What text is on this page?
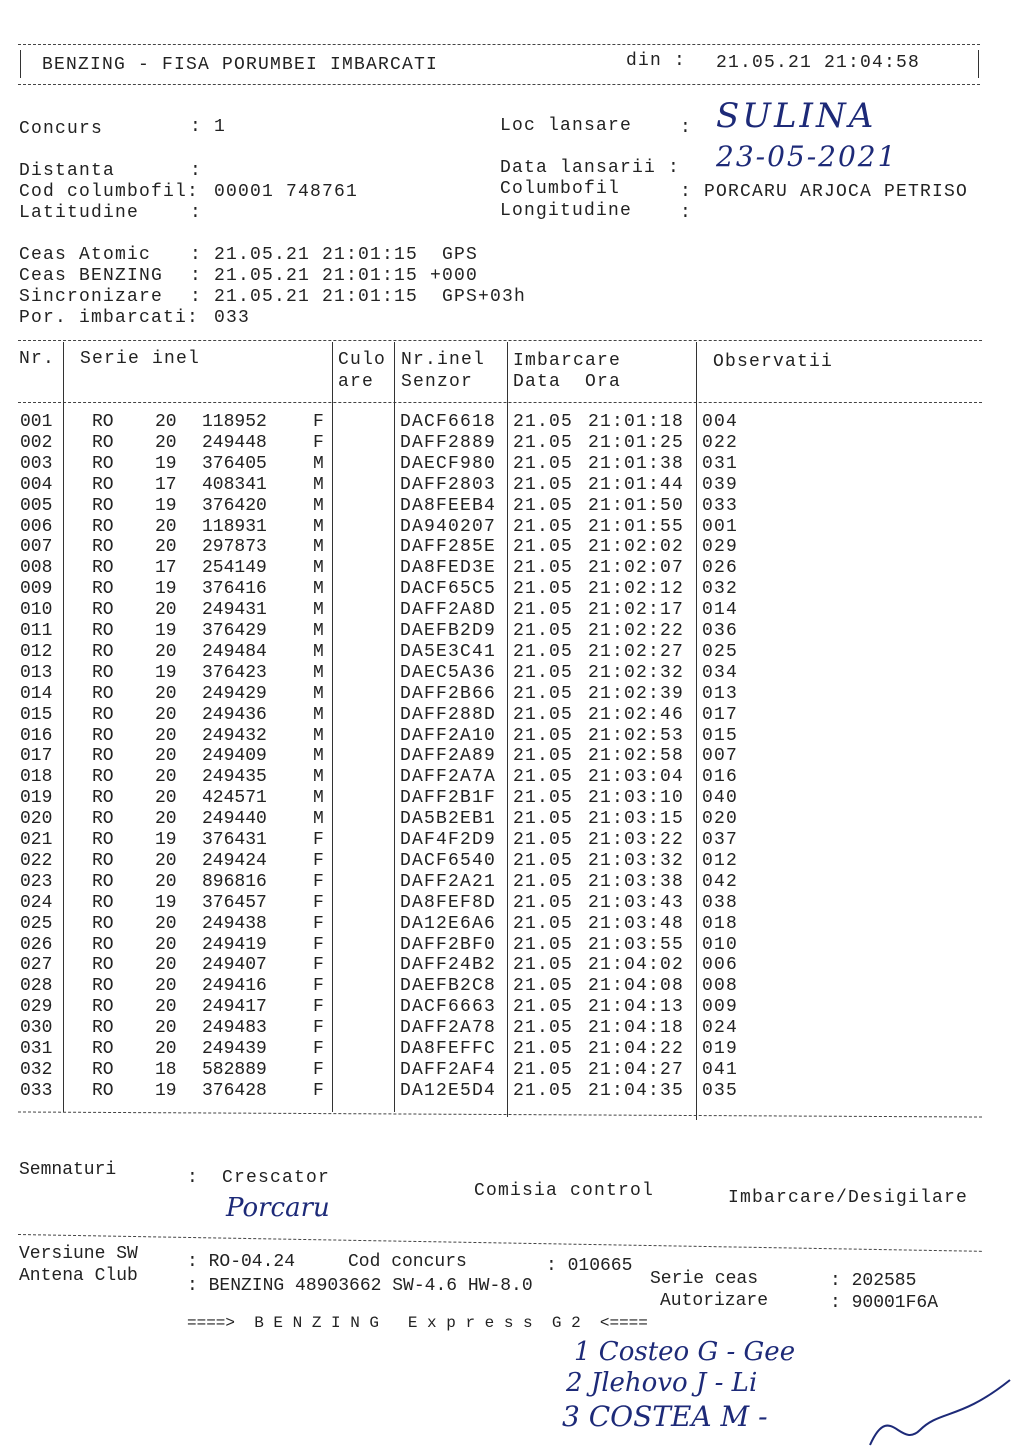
BENZING - FISA PORUMBEI IMBARCATI	din : 21.05.21 21:04:58
Concurs	: 1	Loc lansare	: SULINA
Distanta	:	Data lansarii : 23-05-2021
Cod columbofil: 00001 748761	Columbofil	: PORCARU ARJOCA PETRISO
Latitudine	:	Longitudine	:
Ceas Atomic : 21.05.21 21:01:15  GPS
Ceas BENZING : 21.05.21 21:01:15 +000
Sincronizare : 21.05.21 21:01:15  GPS+03h
Por. imbarcati: 033
Nr. Serie inel	Culo
are
Nr.inel
Senzor
Imbarcare
Data  Ora
Observatii
001 RO 20 118952	F	DACF6618 21.05 21:01:18 004
002 RO 20 249448	F	DAFF2889 21.05 21:01:25 022
003 RO 19 376405	M	DAECF980 21.05 21:01:38 031
004 RO 17 408341	M	DAFF2803 21.05 21:01:44 039
005 RO 19 376420	M	DA8FEEB4 21.05 21:01:50 033
006 RO 20 118931	M	DA940207 21.05 21:01:55 001
007 RO 20 297873	M	DAFF285E 21.05 21:02:02 029
008 RO 17 254149	M	DA8FED3E 21.05 21:02:07 026
009 RO 19 376416	M	DACF65C5 21.05 21:02:12 032
010 RO 20 249431	M	DAFF2A8D 21.05 21:02:17 014
011 RO 19 376429	M	DAEFB2D9 21.05 21:02:22 036
012 RO 20 249484	M	DA5E3C41 21.05 21:02:27 025
013 RO 19 376423	M	DAEC5A36 21.05 21:02:32 034
014 RO 20 249429	M	DAFF2B66 21.05 21:02:39 013
015 RO 20 249436	M	DAFF288D 21.05 21:02:46 017
016 RO 20 249432	M	DAFF2A10 21.05 21:02:53 015
017 RO 20 249409	M	DAFF2A89 21.05 21:02:58 007
018 RO 20 249435	M	DAFF2A7A 21.05 21:03:04 016
019 RO 20 424571	M	DAFF2B1F 21.05 21:03:10 040
020 RO 20 249440	M	DA5B2EB1 21.05 21:03:15 020
021 RO 19 376431	F	DAF4F2D9 21.05 21:03:22 037
022 RO 20 249424	F	DACF6540 21.05 21:03:32 012
023 RO 20 896816	F	DAFF2A21 21.05 21:03:38 042
024 RO 19 376457	F	DA8FEF8D 21.05 21:03:43 038
025 RO 20 249438	F	DA12E6A6 21.05 21:03:48 018
026 RO 20 249419	F	DAFF2BF0 21.05 21:03:55 010
027 RO 20 249407	F	DAFF24B2 21.05 21:04:02 006
028 RO 20 249416	F	DAEFB2C8 21.05 21:04:08 008
029 RO 20 249417	F	DACF6663 21.05 21:04:13 009
030 RO 20 249483	F	DAFF2A78 21.05 21:04:18 024
031 RO 20 249439	F	DA8FEFFC 21.05 21:04:22 019
032 RO 18 582889	F	DAFF2AF4 21.05 21:04:27 041
033 RO 19 376428	F	DA12E5D4 21.05 21:04:35 035
Semnaturi	: Crescator
Porcaru
Comisia control	Imbarcare/Desigilare
Versiune SW	: RO-04.24	Cod concurs	: 010665
Antena Club	: BENZING 48903662 SW-4.6 HW-8.0	Serie ceas	: 202585
Autorizare	: 90001F6A
====>  B E N Z I N G   E x p r e s s  G 2  <====
1 Costeo G - Gee
2 Jlehovo J - Li
3 COSTEA M -
